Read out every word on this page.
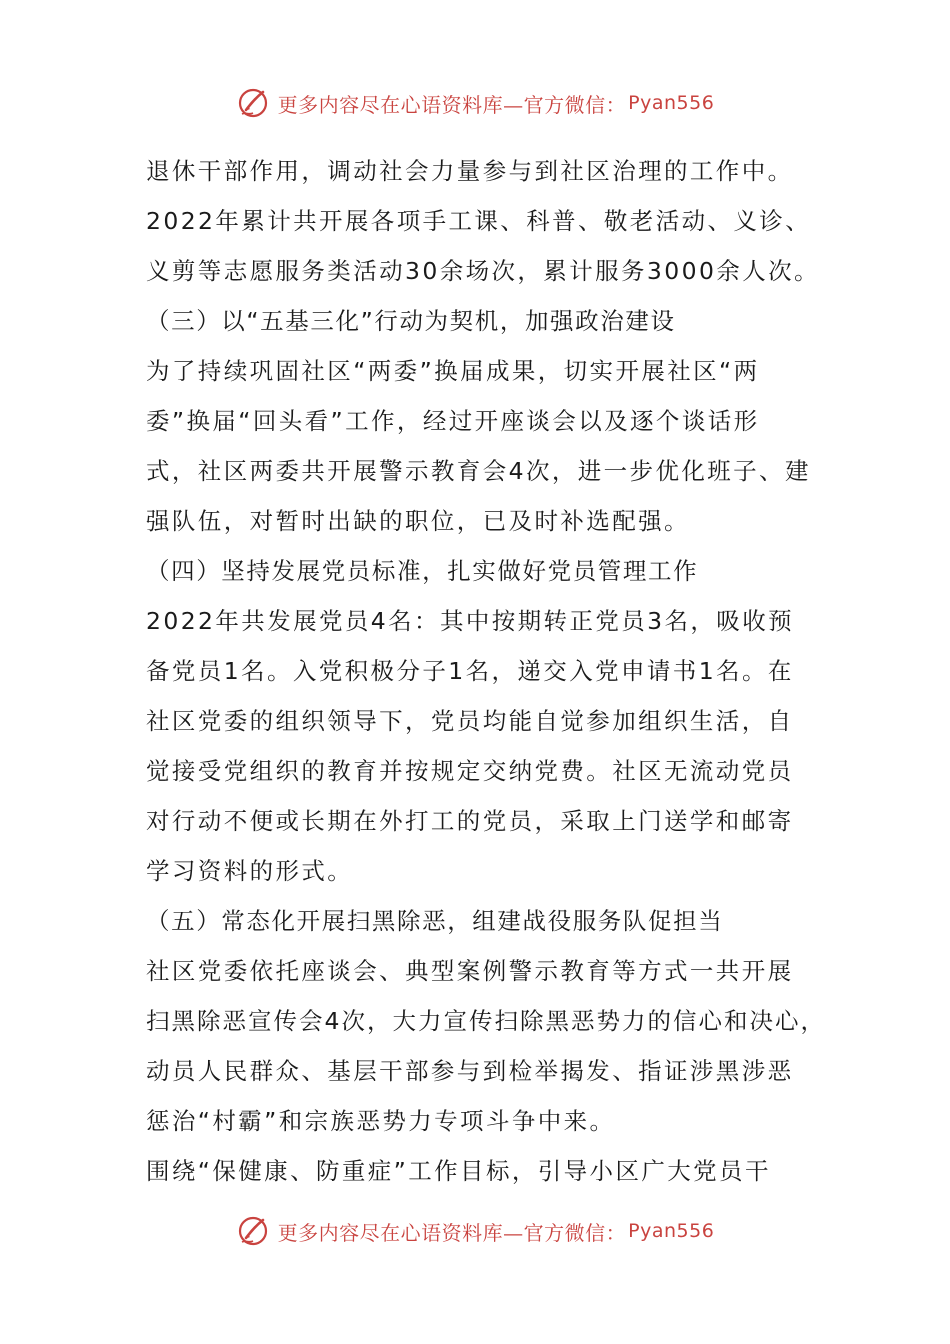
更多内容尽在心语资料库—官方微信： Pyan556
退休干部作用，调动社会力量参与到社区治理的工作中。
2022年累计共开展各项手工课、科普、敬老活动、义诊、
义剪等志愿服务类活动30余场次，累计服务3000余人次。
（三）以“五基三化”行动为契机，加强政治建设
为了持续巩固社区“两委”换届成果，切实开展社区“两
委”换届“回头看”工作，经过开座谈会以及逐个谈话形
式，社区两委共开展警示教育会4次，进一步优化班子、建
强队伍，对暂时出缺的职位，已及时补选配强。
（四）坚持发展党员标准，扎实做好党员管理工作
2022年共发展党员4名：其中按期转正党员3名，吸收预
备党员1名。入党积极分子1名，递交入党申请书1名。在
社区党委的组织领导下，党员均能自觉参加组织生活，自
觉接受党组织的教育并按规定交纳党费。社区无流动党员
对行动不便或长期在外打工的党员，采取上门送学和邮寄
学习资料的形式。
（五）常态化开展扫黑除恶，组建战役服务队促担当
社区党委依托座谈会、典型案例警示教育等方式一共开展
扫黑除恶宣传会4次，大力宣传扫除黑恶势力的信心和决心，
动员人民群众、基层干部参与到检举揭发、指证涉黑涉恶
惩治“村霸”和宗族恶势力专项斗争中来。
围绕“保健康、防重症”工作目标，引导小区广大党员干
更多内容尽在心语资料库—官方微信： Pyan556
